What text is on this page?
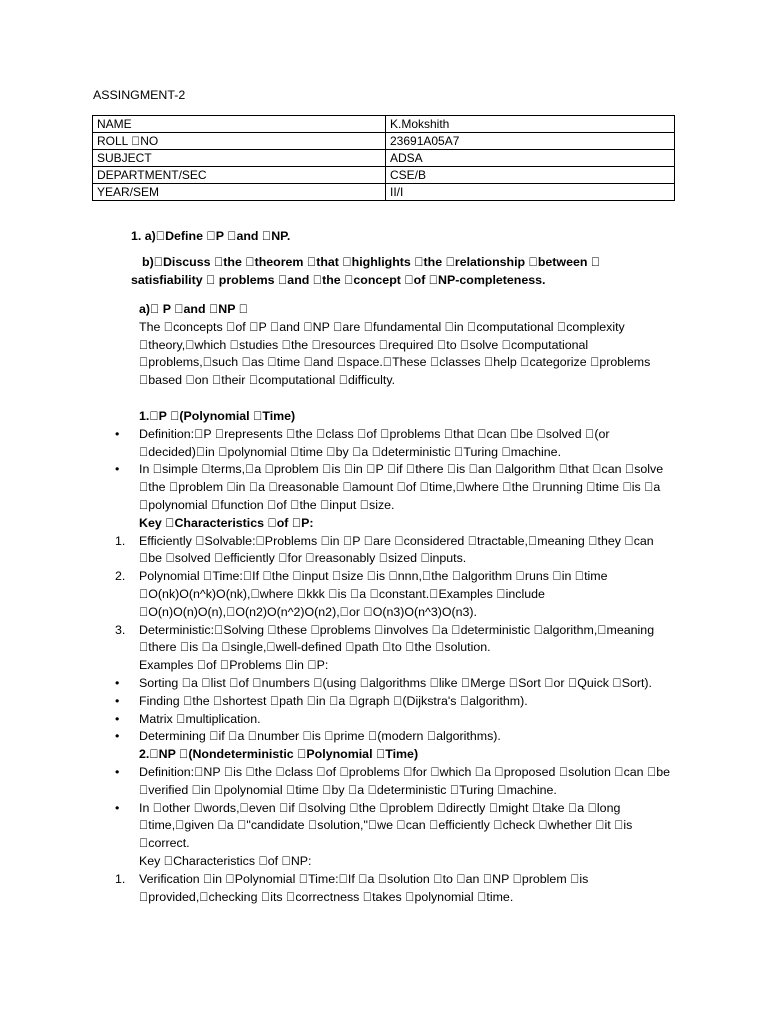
ASSINGMENT-2
NAME	K.Mokshith
ROLL NO	23691A05A7
SUBJECT	ADSA
DEPARTMENT/SEC	CSE/B
YEAR/SEM	II/I
1. a) Define P and NP.

b) Discuss the theorem that highlights the relationship between

satisfiability problems and the concept of NP-completeness.

a) P and NP

The concepts of P and NP are fundamental in computational complexity theory, which studies the resources required to solve computational problems, such as time and space. These classes help categorize problems based on their computational difficulty.

1. P (Polynomial Time)

• Definition: P represents the class of problems that can be solved (or decided) in polynomial time by a deterministic Turing machine.

• In simple terms, a problem is in P if there is an algorithm that can solve the problem in a reasonable amount of time, where the running time is a polynomial function of the input size.

Key Characteristics of P:

1. Efficiently Solvable: Problems in P are considered tractable, meaning they can be solved efficiently for reasonably sized inputs.

2. Polynomial Time: If the input size is nnn, the algorithm runs in time O(nk)O(n^k)O(nk), where kkk is a constant. Examples include O(n)O(n)O(n), O(n2)O(n^2)O(n2), or O(n3)O(n^3)O(n3).

3. Deterministic: Solving these problems involves a deterministic algorithm, meaning there is a single, well-defined path to the solution.

Examples of Problems in P:

• Sorting a list of numbers (using algorithms like Merge Sort or Quick Sort).

• Finding the shortest path in a graph (Dijkstra's algorithm).

• Matrix multiplication.

• Determining if a number is prime (modern algorithms).

2. NP (Nondeterministic Polynomial Time)

• Definition: NP is the class of problems for which a proposed solution can be verified in polynomial time by a deterministic Turing machine.

• In other words, even if solving the problem directly might take a long time, given a "candidate solution," we can efficiently check whether it is correct.

Key Characteristics of NP:

1. Verification in Polynomial Time: If a solution to an NP problem is provided, checking its correctness takes polynomial time.
